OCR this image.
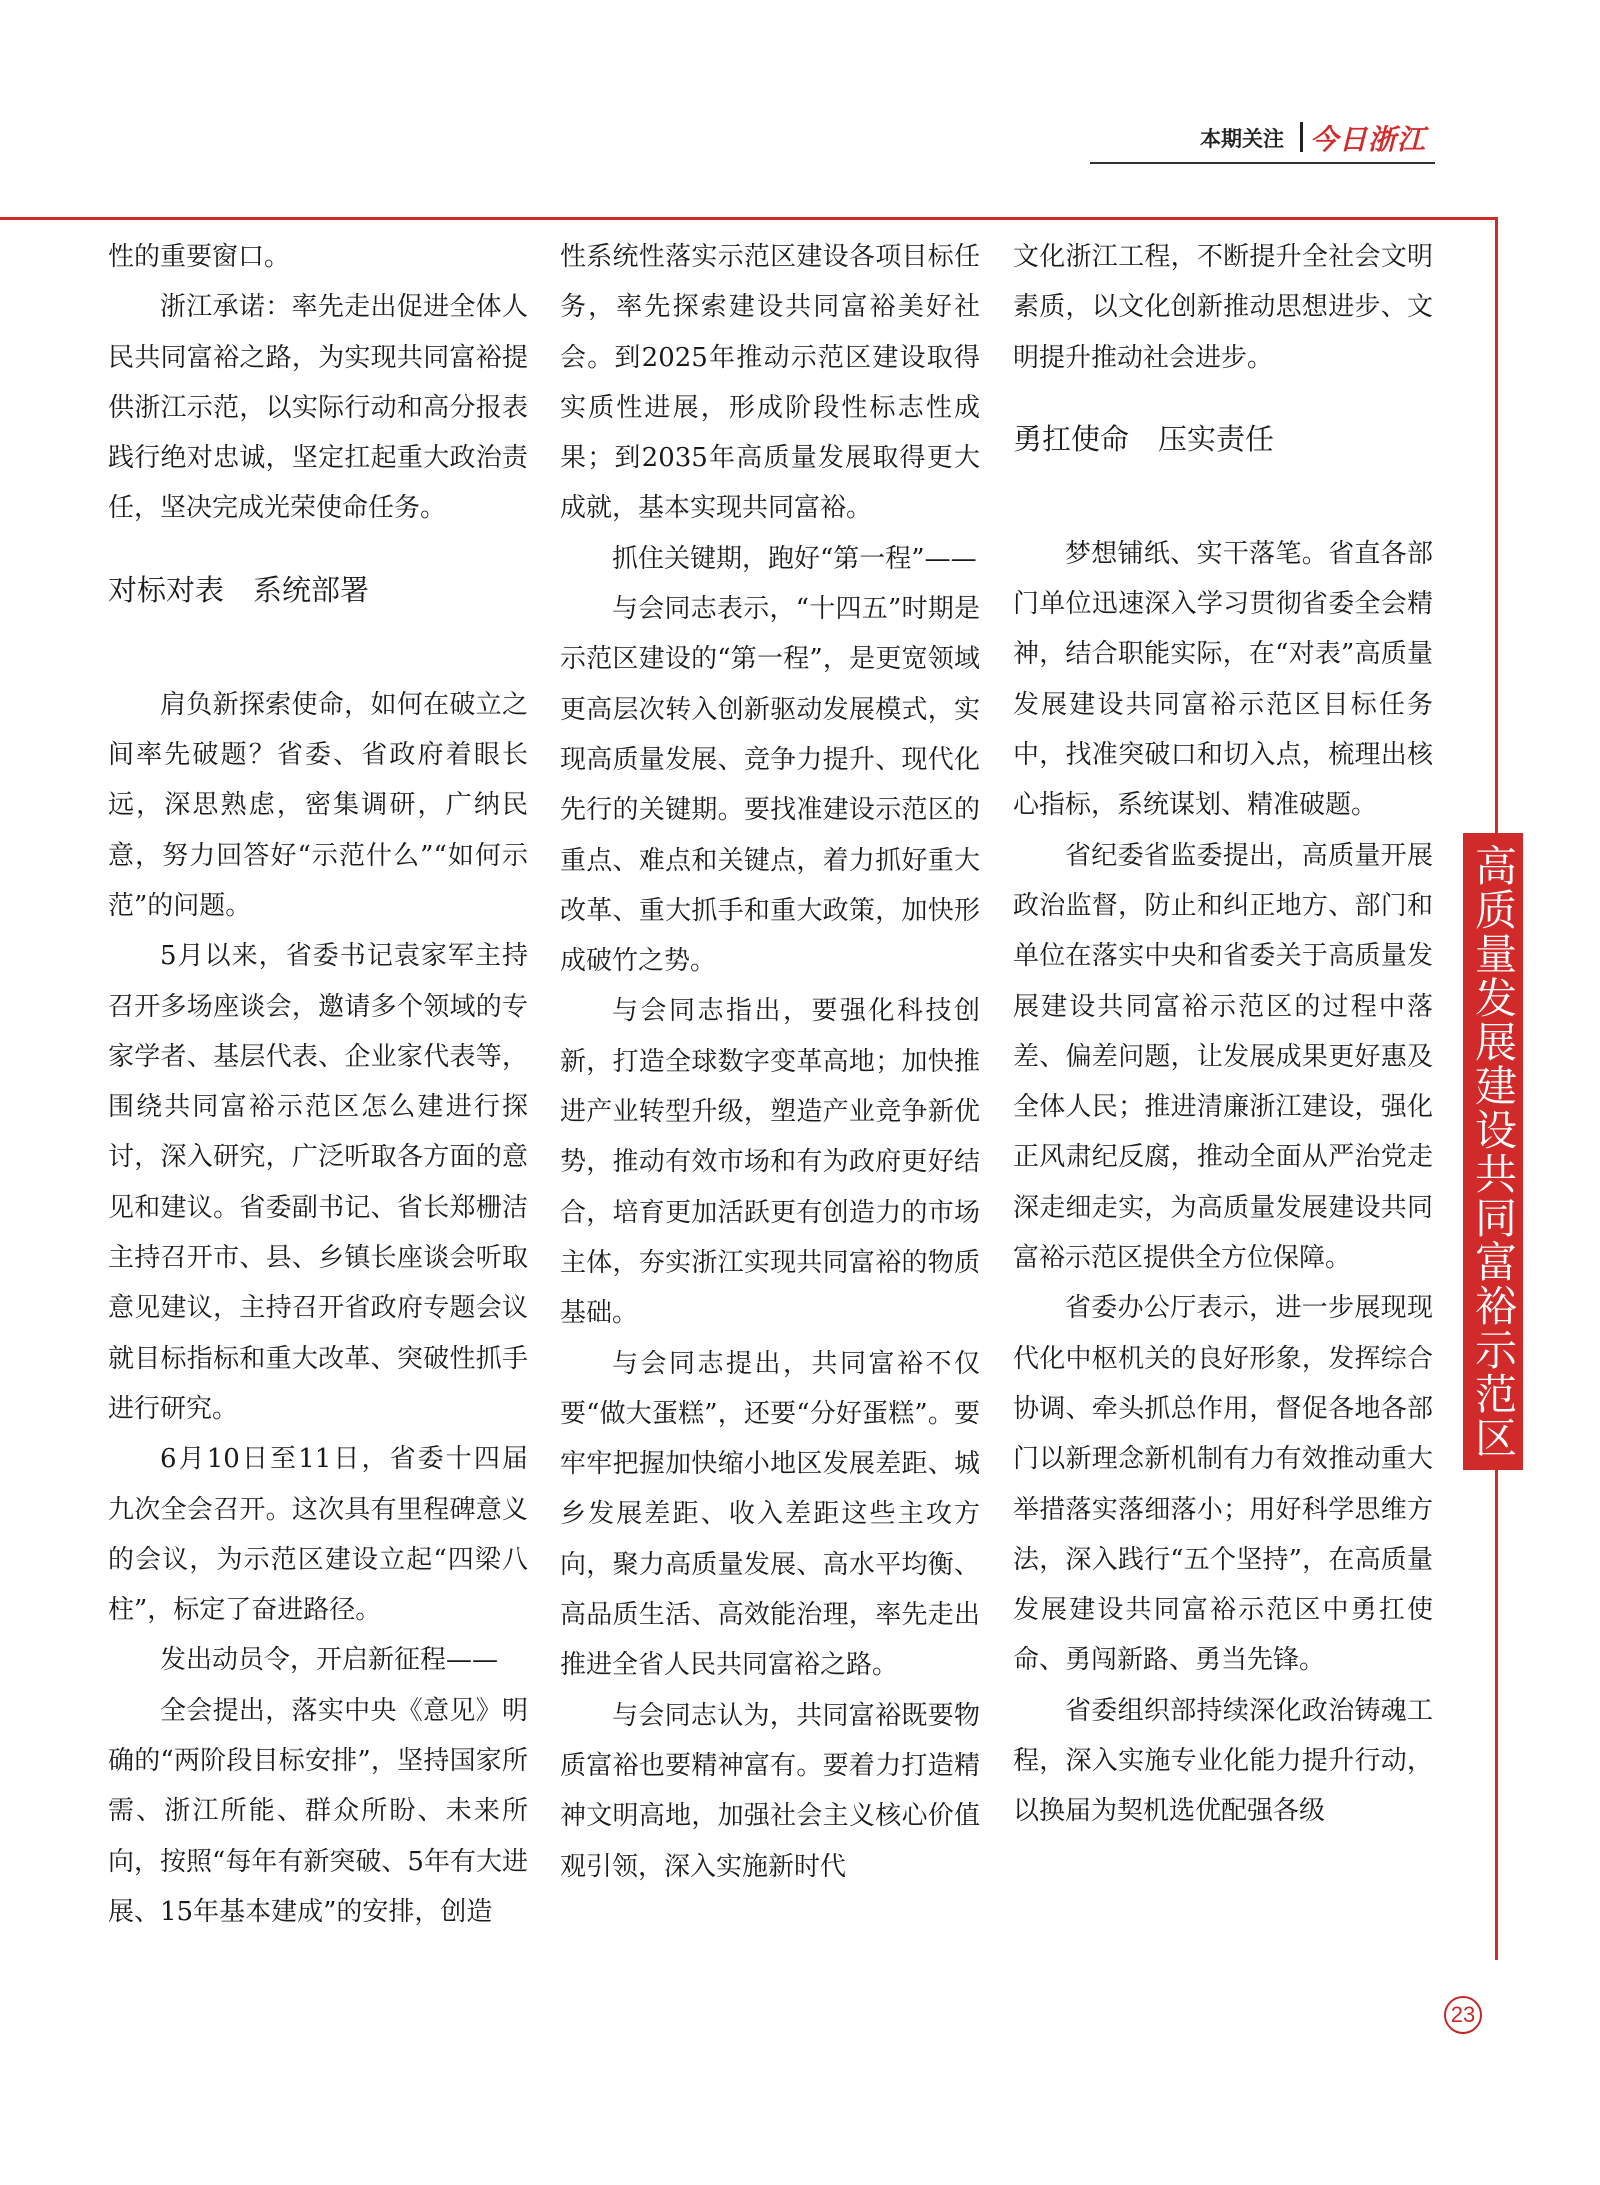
本期关注 今日浙江
高质量发展建设共同富裕示范区

性的重要窗口。

浙江承诺：率先走出促进全体人民共同富裕之路，为实现共同富裕提供浙江示范，以实际行动和高分报表践行绝对忠诚，坚定扛起重大政治责任，坚决完成光荣使命任务。

对标对表　系统部署

肩负新探索使命，如何在破立之间率先破题？省委、省政府着眼长远，深思熟虑，密集调研，广纳民意，努力回答好“示范什么”“如何示范”的问题。

5月以来，省委书记袁家军主持召开多场座谈会，邀请多个领域的专家学者、基层代表、企业家代表等，围绕共同富裕示范区怎么建进行探讨，深入研究，广泛听取各方面的意见和建议。省委副书记、省长郑栅洁主持召开市、县、乡镇长座谈会听取意见建议，主持召开省政府专题会议就目标指标和重大改革、突破性抓手进行研究。

6月10日至11日，省委十四届九次全会召开。这次具有里程碑意义的会议，为示范区建设立起“四梁八柱”，标定了奋进路径。

发出动员令，开启新征程——

全会提出，落实中央《意见》明确的“两阶段目标安排”，坚持国家所需、浙江所能、群众所盼、未来所向，按照“每年有新突破、5年有大进展、15年基本建成”的安排，创造

性系统性落实示范区建设各项目标任务，率先探索建设共同富裕美好社会。到2025年推动示范区建设取得实质性进展，形成阶段性标志性成果；到2035年高质量发展取得更大成就，基本实现共同富裕。

抓住关键期，跑好“第一程”——

与会同志表示，“十四五”时期是示范区建设的“第一程”，是更宽领域更高层次转入创新驱动发展模式，实现高质量发展、竞争力提升、现代化先行的关键期。要找准建设示范区的重点、难点和关键点，着力抓好重大改革、重大抓手和重大政策，加快形成破竹之势。

与会同志指出，要强化科技创新，打造全球数字变革高地；加快推进产业转型升级，塑造产业竞争新优势，推动有效市场和有为政府更好结合，培育更加活跃更有创造力的市场主体，夯实浙江实现共同富裕的物质基础。

与会同志提出，共同富裕不仅要“做大蛋糕”，还要“分好蛋糕”。要牢牢把握加快缩小地区发展差距、城乡发展差距、收入差距这些主攻方向，聚力高质量发展、高水平均衡、高品质生活、高效能治理，率先走出推进全省人民共同富裕之路。

与会同志认为，共同富裕既要物质富裕也要精神富有。要着力打造精神文明高地，加强社会主义核心价值观引领，深入实施新时代

文化浙江工程，不断提升全社会文明素质，以文化创新推动思想进步、文明提升推动社会进步。

勇扛使命　压实责任

梦想铺纸、实干落笔。省直各部门单位迅速深入学习贯彻省委全会精神，结合职能实际，在“对表”高质量发展建设共同富裕示范区目标任务中，找准突破口和切入点，梳理出核心指标，系统谋划、精准破题。

省纪委省监委提出，高质量开展政治监督，防止和纠正地方、部门和单位在落实中央和省委关于高质量发展建设共同富裕示范区的过程中落差、偏差问题，让发展成果更好惠及全体人民；推进清廉浙江建设，强化正风肃纪反腐，推动全面从严治党走深走细走实，为高质量发展建设共同富裕示范区提供全方位保障。

省委办公厅表示，进一步展现现代化中枢机关的良好形象，发挥综合协调、牵头抓总作用，督促各地各部门以新理念新机制有力有效推动重大举措落实落细落小；用好科学思维方法，深入践行“五个坚持”，在高质量发展建设共同富裕示范区中勇扛使命、勇闯新路、勇当先锋。

省委组织部持续深化政治铸魂工程，深入实施专业化能力提升行动，以换届为契机选优配强各级

23
